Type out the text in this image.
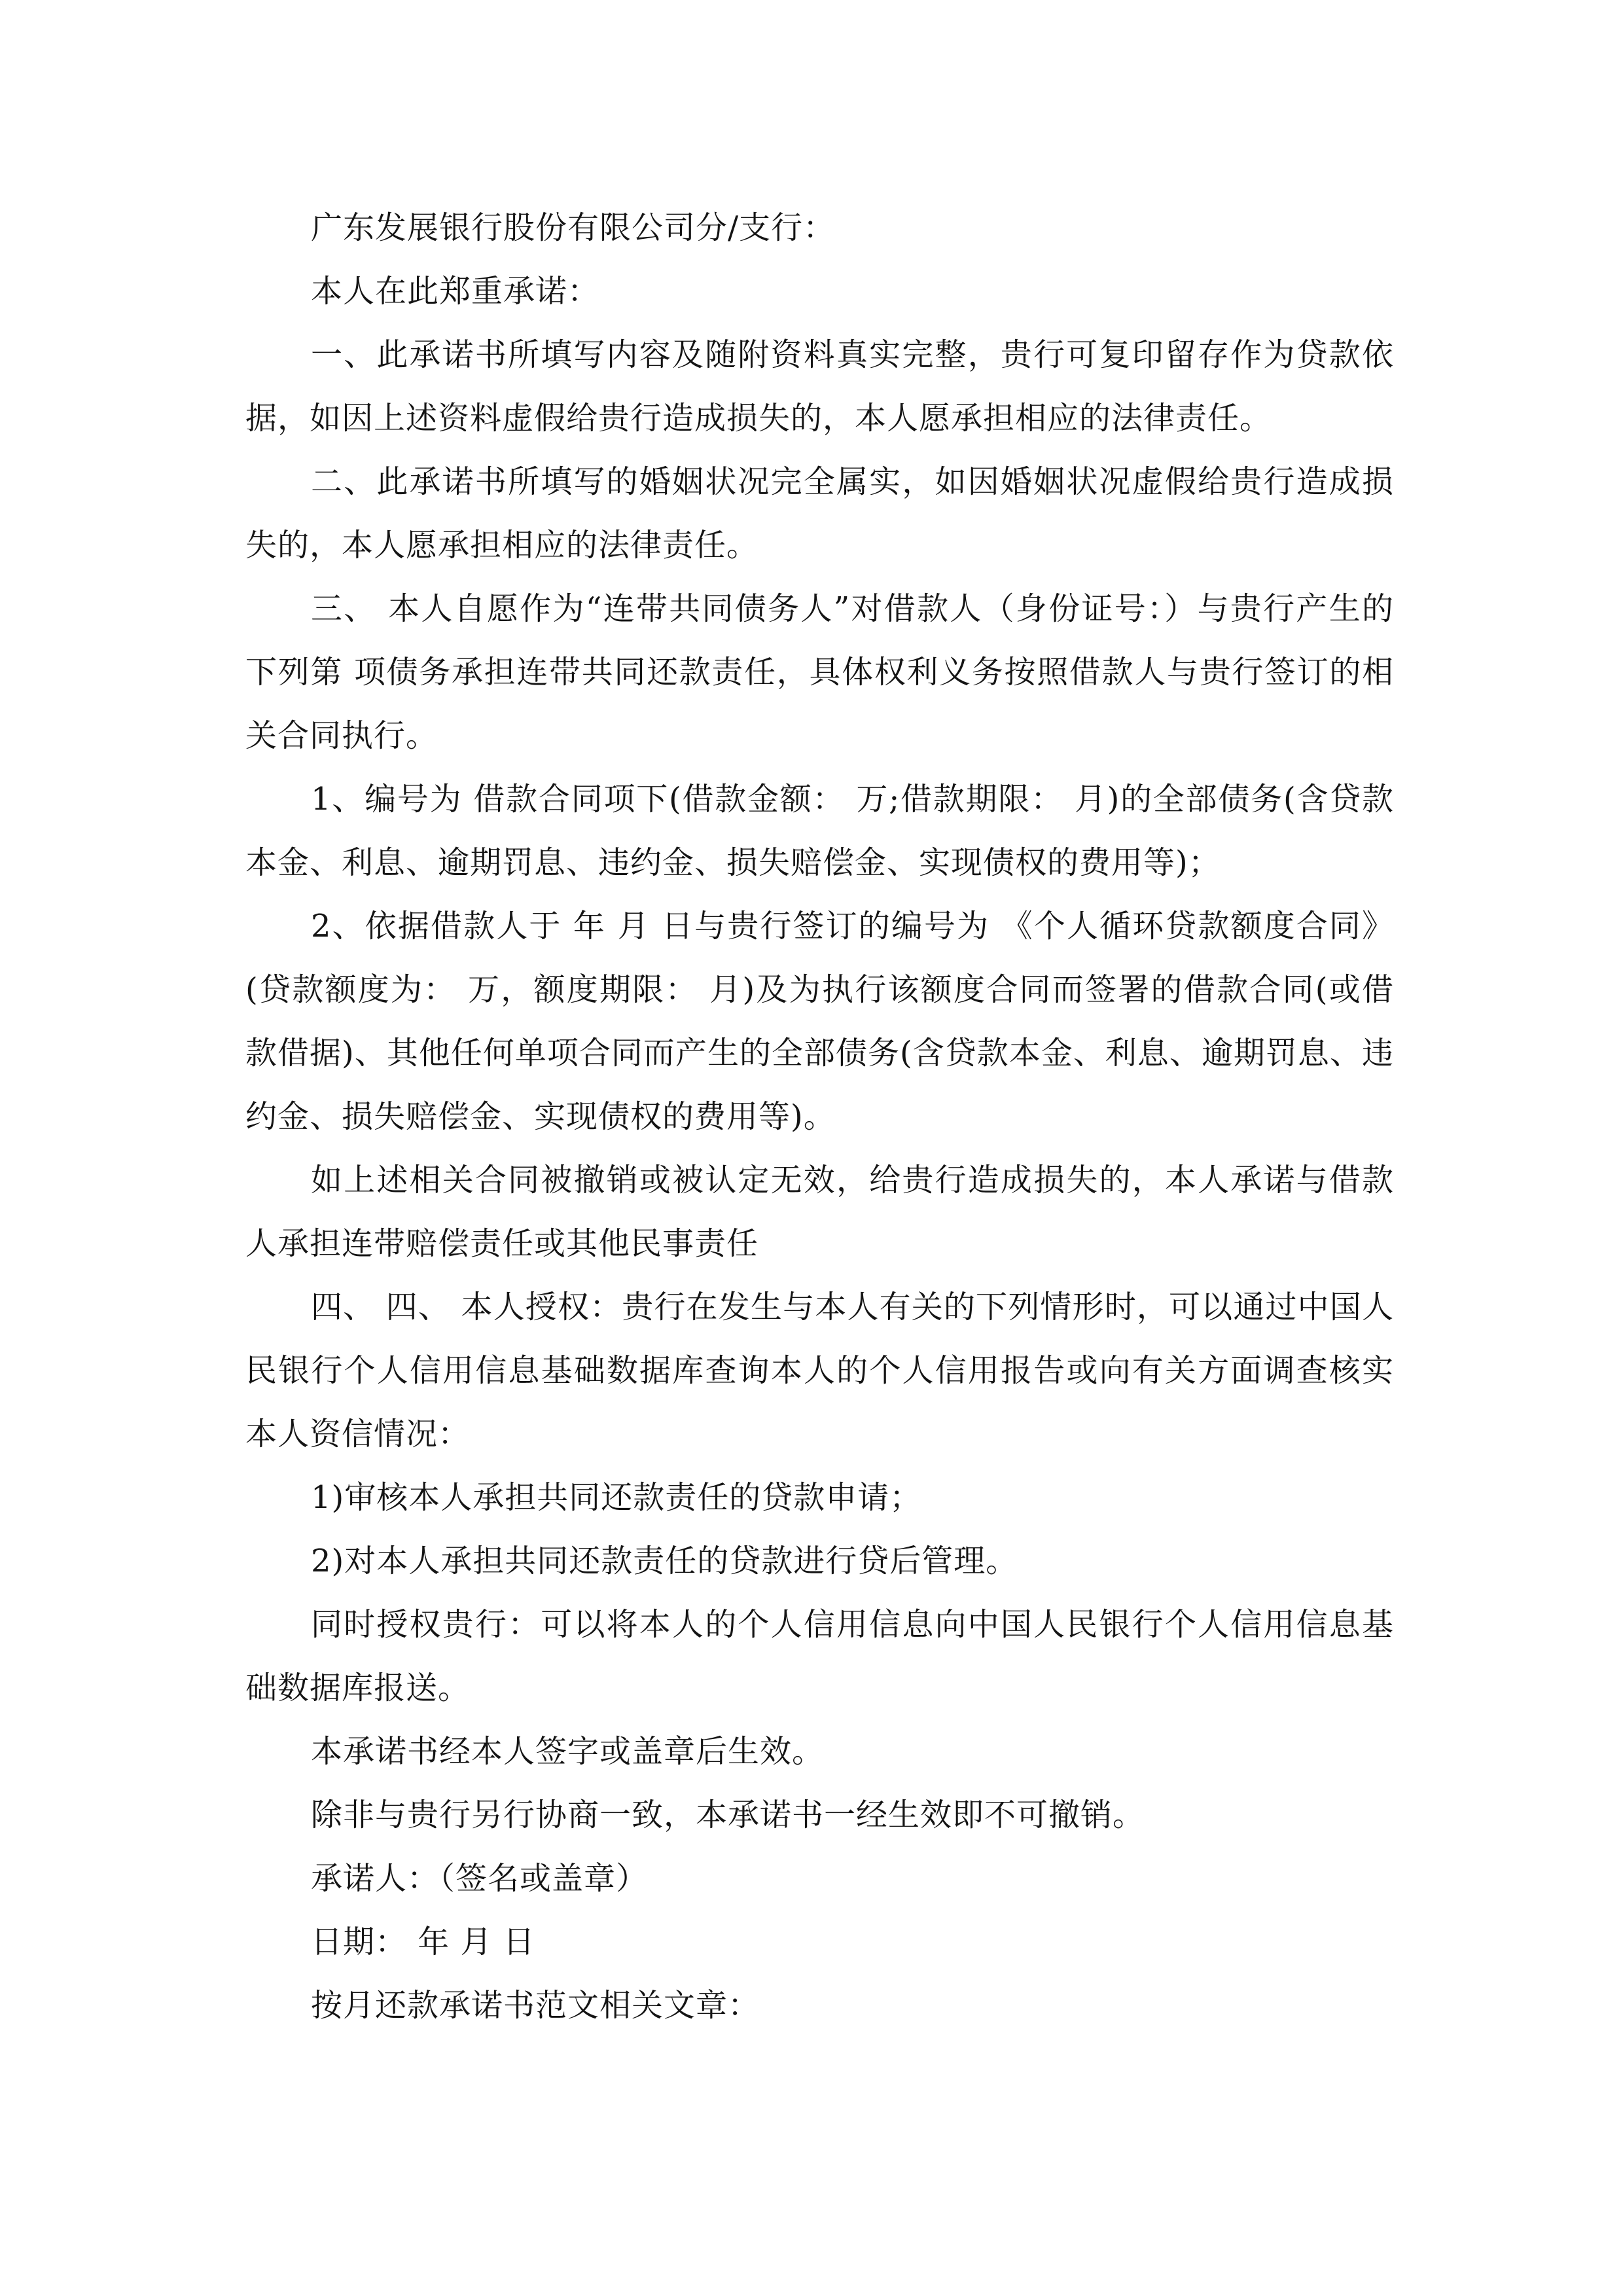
广东发展银行股份有限公司分/支行：

本人在此郑重承诺：

一、此承诺书所填写内容及随附资料真实完整，贵行可复印留存作为贷款依据，如因上述资料虚假给贵行造成损失的，本人愿承担相应的法律责任。

二、此承诺书所填写的婚姻状况完全属实，如因婚姻状况虚假给贵行造成损失的，本人愿承担相应的法律责任。

三、 本人自愿作为“连带共同债务人”对借款人（身份证号：）与贵行产生的下列第 项债务承担连带共同还款责任，具体权利义务按照借款人与贵行签订的相关合同执行。

1、编号为 借款合同项下(借款金额： 万;借款期限： 月)的全部债务(含贷款本金、利息、逾期罚息、违约金、损失赔偿金、实现债权的费用等)；

2、依据借款人于 年 月 日与贵行签订的编号为 《个人循环贷款额度合同》(贷款额度为： 万，额度期限： 月)及为执行该额度合同而签署的借款合同(或借款借据)、其他任何单项合同而产生的全部债务(含贷款本金、利息、逾期罚息、违约金、损失赔偿金、实现债权的费用等)。

如上述相关合同被撤销或被认定无效，给贵行造成损失的，本人承诺与借款人承担连带赔偿责任或其他民事责任

四、 四、 本人授权：贵行在发生与本人有关的下列情形时，可以通过中国人民银行个人信用信息基础数据库查询本人的个人信用报告或向有关方面调查核实本人资信情况：

1)审核本人承担共同还款责任的贷款申请；

2)对本人承担共同还款责任的贷款进行贷后管理。

同时授权贵行：可以将本人的个人信用信息向中国人民银行个人信用信息基础数据库报送。

本承诺书经本人签字或盖章后生效。

除非与贵行另行协商一致，本承诺书一经生效即不可撤销。

承诺人：（签名或盖章）

日期： 年 月 日

按月还款承诺书范文相关文章：
